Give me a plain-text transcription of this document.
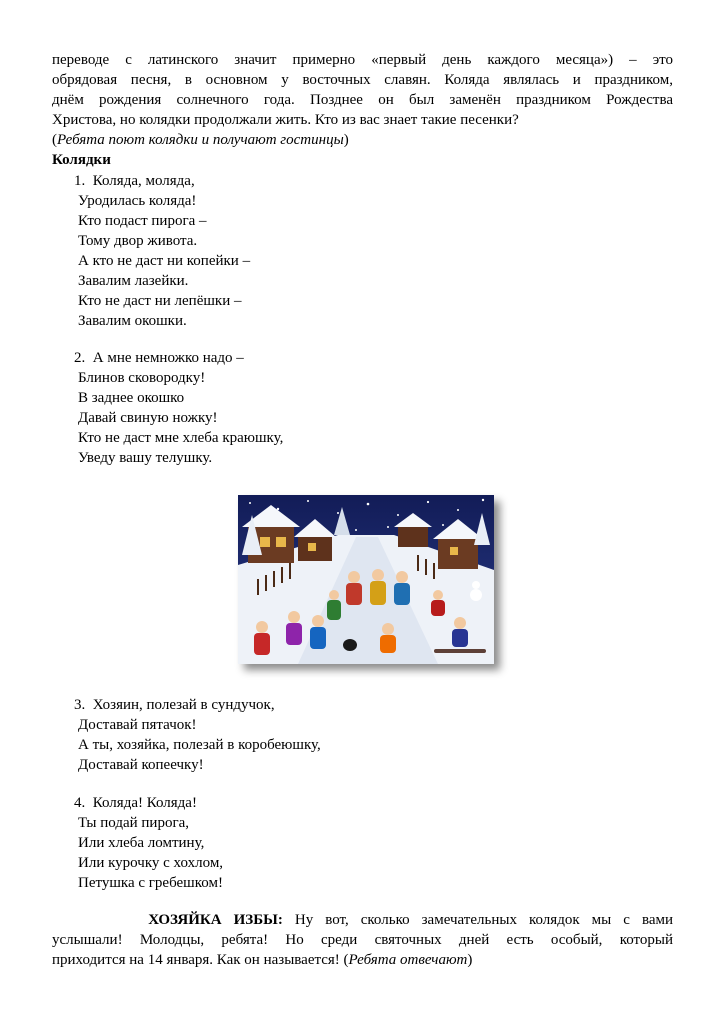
переводе с латинского значит примерно «первый день каждого месяца») – это
обрядовая песня, в основном у восточных славян. Коляда являлась и праздником,
днём рождения солнечного года. Позднее он был заменён праздником Рождества
Христова, но колядки продолжали жить. Кто из вас знает такие песенки?
(Ребята поют колядки и получают гостинцы)
Колядки
1. Коляда, моляда,
Уродилась коляда!
Кто подаст пирога –
Тому двор живота.
А кто не даст ни копейки –
Завалим лазейки.
Кто не даст ни лепёшки –
Завалим окошки.
2. А мне немножко надо –
Блинов сковородку!
В заднее окошко
Давай свиную ножку!
Кто не даст мне хлеба краюшку,
Уведу вашу телушку.
3. Хозяин, полезай в сундучок,
Доставай пятачок!
А ты, хозяйка, полезай в коробеюшку,
Доставай копеечку!
4. Коляда! Коляда!
Ты подай пирога,
Или хлеба ломтину,
Или курочку с хохлом,
Петушка с гребешком!
ХОЗЯЙКА ИЗБЫ: Ну вот, сколько замечательных колядок мы с вами
услышали! Молодцы, ребята! Но среди святочных дней есть особый, который
приходится на 14 января. Как он называется! (Ребята отвечают)
